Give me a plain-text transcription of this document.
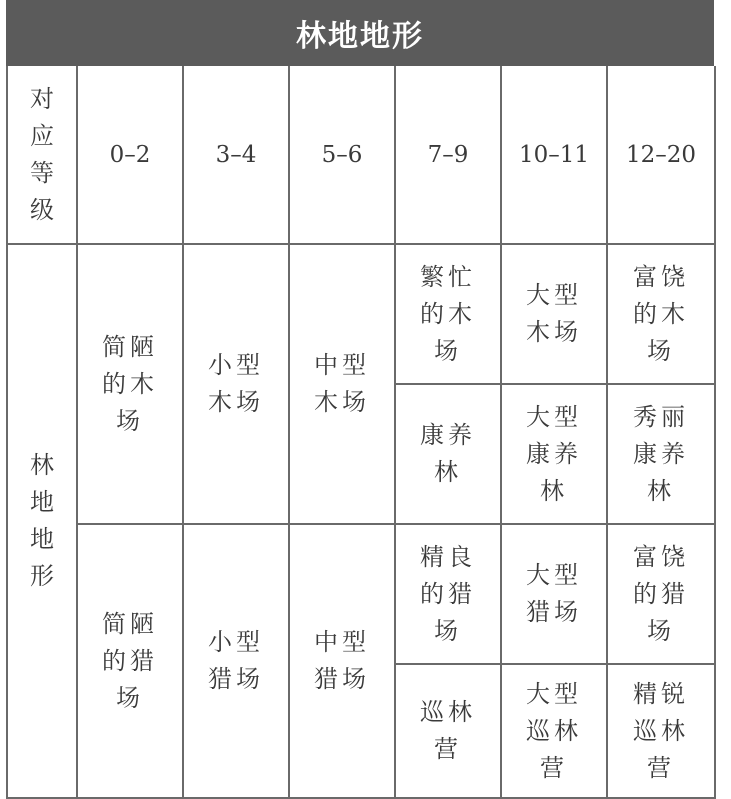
林地地形
对
应
等
级	0–2	3–4	5–6	7–9	10–11	12–20

林
地
地
形	简陋
的木
场	小型
木场	中型
木场	繁忙
的木
场	大型
木场	富饶
的木
场

				康养
林	大型
康养
林	秀丽
康养
林

	简陋
的猎
场	小型
猎场	中型
猎场	精良
的猎
场	大型
猎场	富饶
的猎
场

				巡林
营	大型
巡林
营	精锐
巡林
营
